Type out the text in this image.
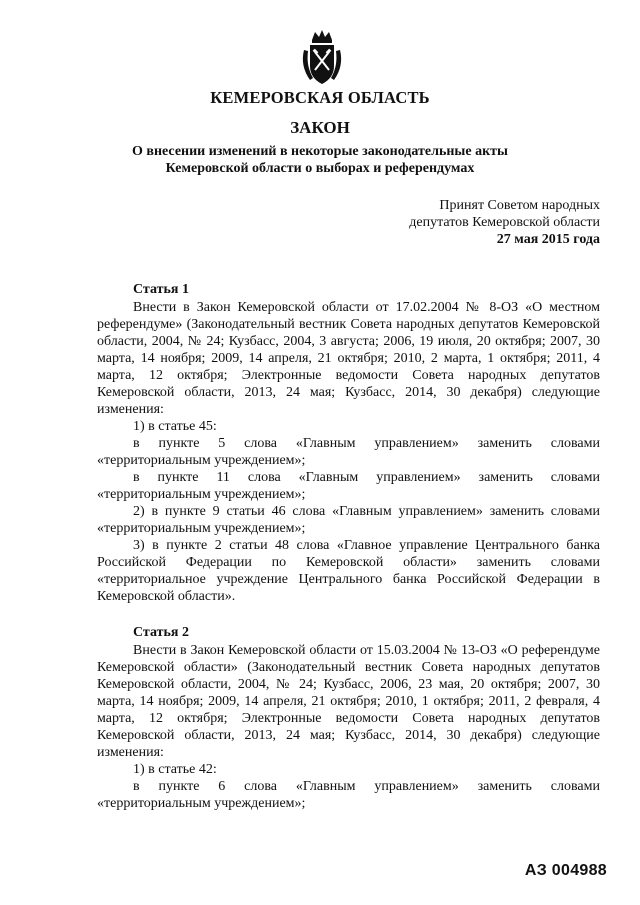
КЕМЕРОВСКАЯ ОБЛАСТЬ
ЗАКОН
О внесении изменений в некоторые законодательные акты
Кемеровской области о выборах и референдумах
Принят Советом народных
депутатов Кемеровской области
27 мая 2015 года
Статья 1

Внести в Закон Кемеровской области от 17.02.2004 № 8-ОЗ «О местном референдуме» (Законодательный вестник Совета народных депутатов Кемеровской области, 2004, № 24; Кузбасс, 2004, 3 августа; 2006, 19 июля, 20 октября; 2007, 30 марта, 14 ноября; 2009, 14 апреля, 21 октября; 2010, 2 марта, 1 октября; 2011, 4 марта, 12 октября; Электронные ведомости Совета народных депутатов Кемеровской области, 2013, 24 мая; Кузбасс, 2014, 30 декабря) следующие изменения:

1) в статье 45:

в пункте 5 слова «Главным управлением» заменить словами «территориальным учреждением»;

в пункте 11 слова «Главным управлением» заменить словами «территориальным учреждением»;

2) в пункте 9 статьи 46 слова «Главным управлением» заменить словами «территориальным учреждением»;

3) в пункте 2 статьи 48 слова «Главное управление Центрального банка Российской Федерации по Кемеровской области» заменить словами «территориальное учреждение Центрального банка Российской Федерации в Кемеровской области».

Статья 2

Внести в Закон Кемеровской области от 15.03.2004 № 13-ОЗ «О референдуме Кемеровской области» (Законодательный вестник Совета народных депутатов Кемеровской области, 2004, № 24; Кузбасс, 2006, 23 мая, 20 октября; 2007, 30 марта, 14 ноября; 2009, 14 апреля, 21 октября; 2010, 1 октября; 2011, 2 февраля, 4 марта, 12 октября; Электронные ведомости Совета народных депутатов Кемеровской области, 2013, 24 мая; Кузбасс, 2014, 30 декабря) следующие изменения:

1) в статье 42:

в пункте 6 слова «Главным управлением» заменить словами «территориальным учреждением»;

АЗ 004988
